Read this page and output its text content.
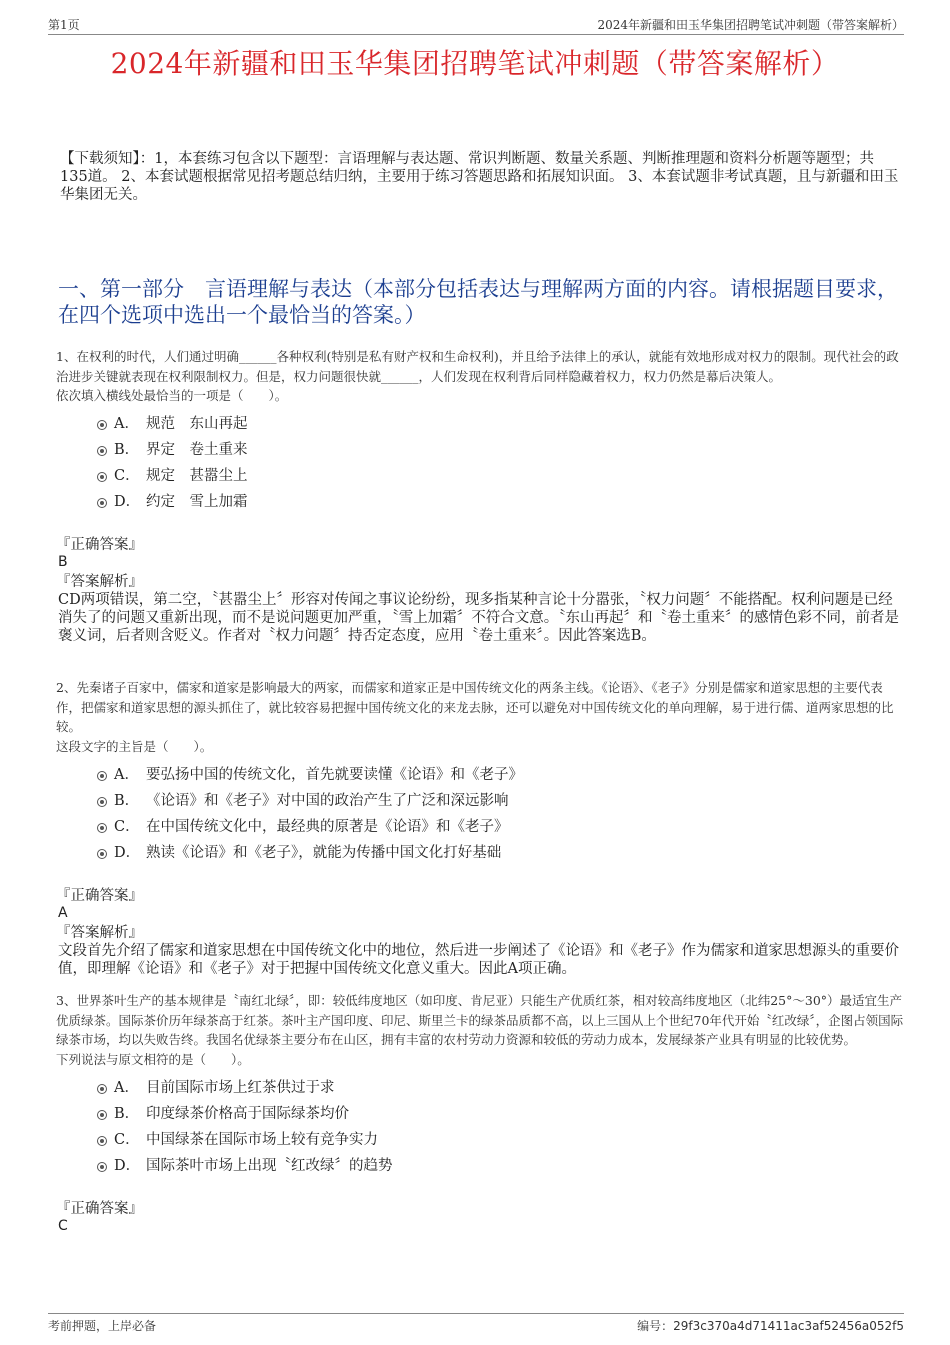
第1页	2024年新疆和田玉华集团招聘笔试冲刺题（带答案解析）
2024年新疆和田玉华集团招聘笔试冲刺题（带答案解析）
【下载须知】：1，本套练习包含以下题型：言语理解与表达题、常识判断题、数量关系题、判断推理题和资料分析题等题型；共135道。 2、本套试题根据常见招考题总结归纳，主要用于练习答题思路和拓展知识面。 3、本套试题非考试真题，且与新疆和田玉华集团无关。
一、第一部分　言语理解与表达（本部分包括表达与理解两方面的内容。请根据题目要求，在四个选项中选出一个最恰当的答案。）

1、在权利的时代，人们通过明确______各种权利(特别是私有财产权和生命权利)，并且给予法律上的承认，就能有效地形成对权力的限制。现代社会的政治进步关键就表现在权利限制权力。但是，权力问题很快就______，人们发现在权利背后同样隐藏着权力，权力仍然是幕后决策人。

依次填入横线处最恰当的一项是（　　）。

A． 规范　东山再起
B． 界定　卷土重来
C． 规定　甚嚣尘上
D． 约定　雪上加霜
『正确答案』
B
『答案解析』
CD两项错误，第二空，〝甚嚣尘上〞形容对传闻之事议论纷纷，现多指某种言论十分嚣张，〝权力问题〞不能搭配。权利问题是已经消失了的问题又重新出现，而不是说问题更加严重，〝雪上加霜〞不符合文意。〝东山再起〞和〝卷土重来〞的感情色彩不同，前者是褒义词，后者则含贬义。作者对〝权力问题〞持否定态度，应用〝卷土重来〞。因此答案选B。

2、先秦诸子百家中，儒家和道家是影响最大的两家，而儒家和道家正是中国传统文化的两条主线。《论语》、《老子》分别是儒家和道家思想的主要代表作，把儒家和道家思想的源头抓住了，就比较容易把握中国传统文化的来龙去脉，还可以避免对中国传统文化的单向理解，易于进行儒、道两家思想的比较。

这段文字的主旨是（　　）。

A． 要弘扬中国的传统文化，首先就要读懂《论语》和《老子》
B． 《论语》和《老子》对中国的政治产生了广泛和深远影响
C． 在中国传统文化中，最经典的原著是《论语》和《老子》
D． 熟读《论语》和《老子》，就能为传播中国文化打好基础
『正确答案』
A
『答案解析』
文段首先介绍了儒家和道家思想在中国传统文化中的地位，然后进一步阐述了《论语》和《老子》作为儒家和道家思想源头的重要价值，即理解《论语》和《老子》对于把握中国传统文化意义重大。因此A项正确。

3、世界茶叶生产的基本规律是〝南红北绿〞，即：较低纬度地区（如印度、肯尼亚）只能生产优质红茶，相对较高纬度地区（北纬25°～30°）最适宜生产优质绿茶。国际茶价历年绿茶高于红茶。茶叶主产国印度、印尼、斯里兰卡的绿茶品质都不高，以上三国从上个世纪70年代开始〝红改绿〞，企图占领国际绿茶市场，均以失败告终。我国名优绿茶主要分布在山区，拥有丰富的农村劳动力资源和较低的劳动力成本，发展绿茶产业具有明显的比较优势。

下列说法与原文相符的是（　　）。

A． 目前国际市场上红茶供过于求
B． 印度绿茶价格高于国际绿茶均价
C． 中国绿茶在国际市场上较有竞争实力
D． 国际茶叶市场上出现〝红改绿〞的趋势
『正确答案』
C
考前押题，上岸必备	编号：29f3c370a4d71411ac3af52456a052f5
